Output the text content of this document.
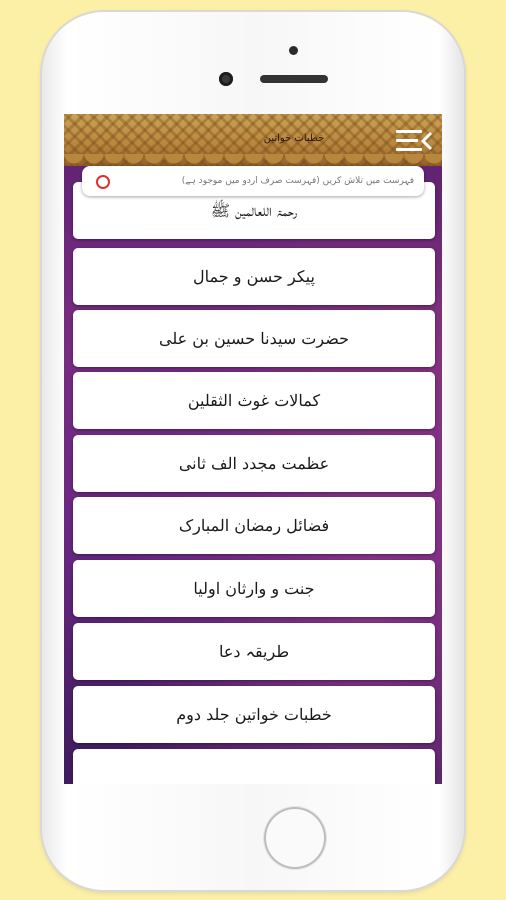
رحمۃ اللعالمین ﷺ
پیکر حسن و جمال
حضرت سیدنا حسین بن علی
کمالات غوث الثقلین
عظمت مجدد الف ثانی
فضائل رمضان المبارک
جنت و وارثان اولیا
طریقہ دعا
خطبات خواتین جلد دوم
خطبات خواتین
فہرست میں تلاش کریں (فہرست صرف اردو میں موجود ہے)
